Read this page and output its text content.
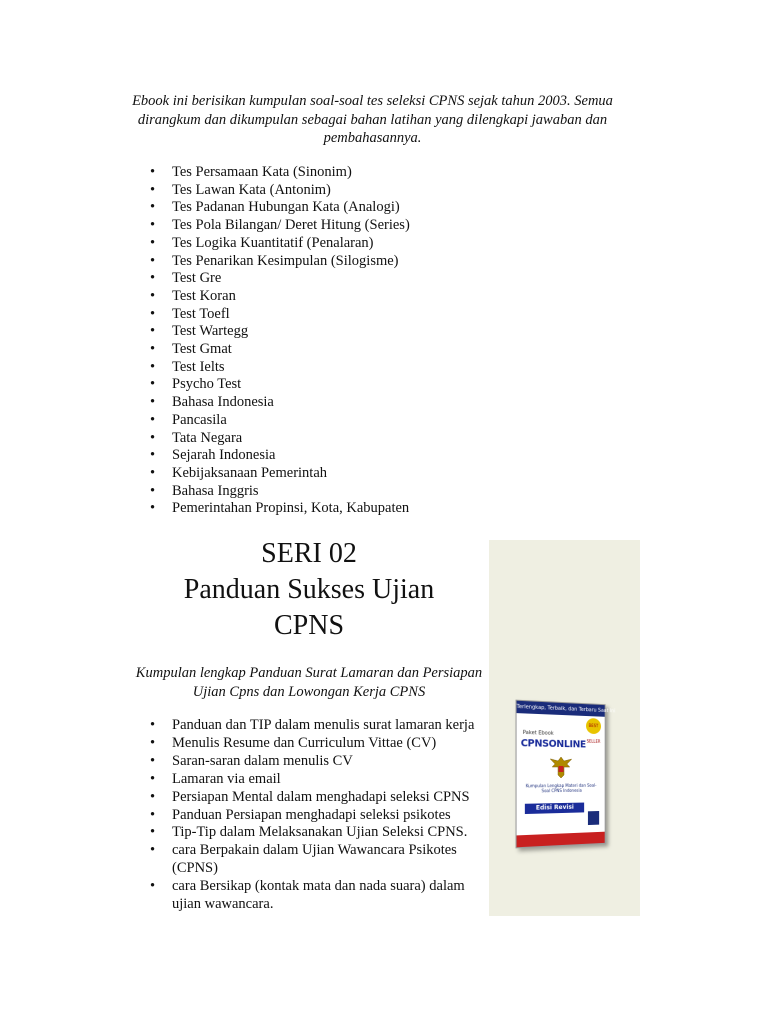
Ebook ini berisikan kumpulan soal-soal tes seleksi CPNS sejak tahun 2003. Semua dirangkum dan dikumpulan sebagai bahan latihan yang dilengkapi jawaban dan pembahasannya.

• Tes Persamaan Kata (Sinonim)
• Tes Lawan Kata (Antonim)
• Tes Padanan Hubungan Kata (Analogi)
• Tes Pola Bilangan/ Deret Hitung (Series)
• Tes Logika Kuantitatif (Penalaran)
• Tes Penarikan Kesimpulan (Silogisme)
• Test Gre
• Test Koran
• Test Toefl
• Test Wartegg
• Test Gmat
• Test Ielts
• Psycho Test
• Bahasa Indonesia
• Pancasila
• Tata Negara
• Sejarah Indonesia
• Kebijaksanaan Pemerintah
• Bahasa Inggris
• Pemerintahan Propinsi, Kota, Kabupaten
SERI 02
Panduan Sukses Ujian
CPNS

Kumpulan lengkap Panduan Surat Lamaran dan Persiapan Ujian Cpns dan Lowongan Kerja CPNS

• Panduan dan TIP dalam menulis surat lamaran kerja
• Menulis Resume dan Curriculum Vittae (CV)
• Saran-saran dalam menulis CV
• Lamaran via email
• Persiapan Mental dalam menghadapi seleksi CPNS
• Panduan Persiapan menghadapi seleksi psikotes
• Tip-Tip dalam Melaksanakan Ujian Seleksi CPNS.
• cara Berpakain dalam Ujian Wawancara Psikotes (CPNS)
• cara Bersikap (kontak mata dan nada suara) dalam ujian wawancara.
Terlengkap, Terbaik, dan Terbaru Saat Ini
BEST SELLER
Paket Ebook
CPNSONLINE
Kumpulan Lengkap Materi dan Soal-Soal CPNS Indonesia
Edisi Revisi
www.cpnsonline.com
